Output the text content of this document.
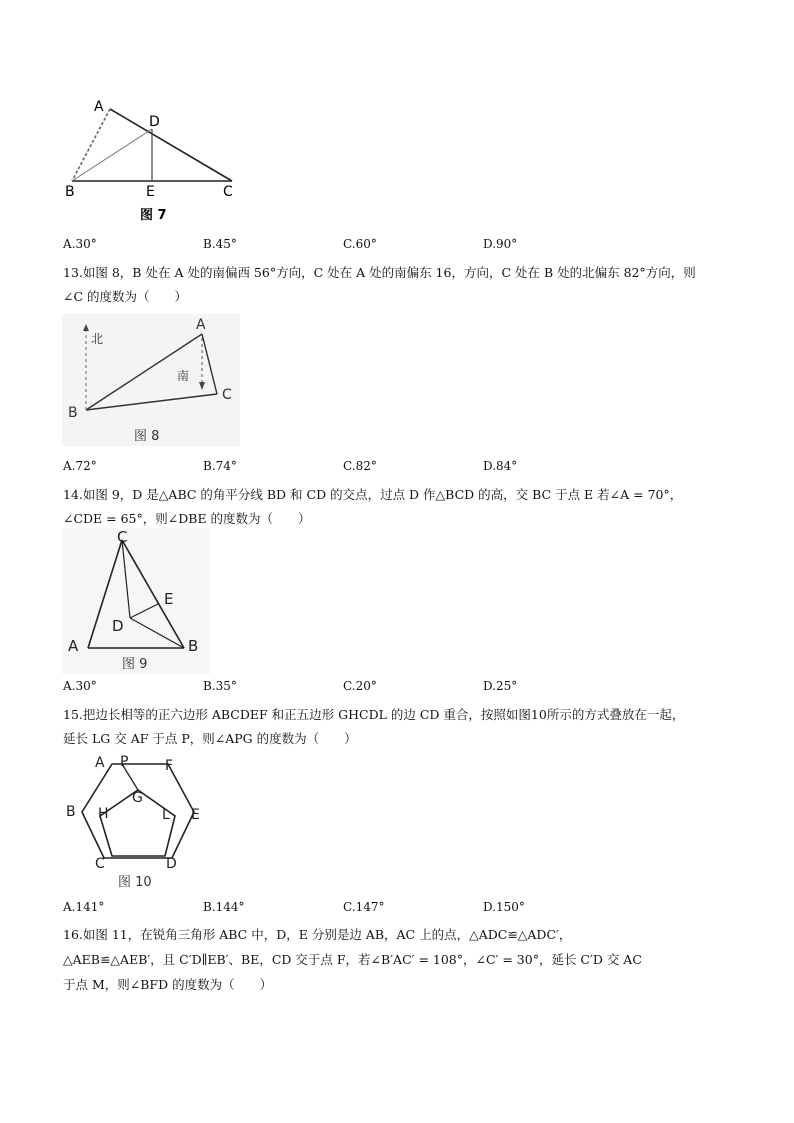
A
D
B	E	C
图 7
A.30°	B.45°	C.60°	D.90°
13.如图 8，B 处在 A 处的南偏西 56°方向，C 处在 A 处的南偏东 16，方向，C 处在 B 处的北偏东 82°方向，则
∠C 的度数为（　　）
北
南
A
B
C
图 8
A.72°	B.74°	C.82°	D.84°
14.如图 9，D 是△ABC 的角平分线 BD 和 CD 的交点，过点 D 作△BCD 的高，交 BC 于点 E 若∠A = 70°，
∠CDE = 65°，则∠DBE 的度数为（　　）
C
E
D
A	B
图 9
A.30°	B.35°	C.20°	D.25°
15.把边长相等的正六边形 ABCDEF 和正五边形 GHCDL 的边 CD 重合，按照如图10所示的方式叠放在一起，
延长 LG 交 AF 于点 P，则∠APG 的度数为（　　）
A P	F
G
B H	L E
C	D
图 10
A.141°	B.144°	C.147°	D.150°
16.如图 11，在锐角三角形 ABC 中，D，E 分别是边 AB，AC 上的点，△ADC≌△ADC′，
△AEB≌△AEB′，且 C′D∥EB′、BE，CD 交于点 F，若∠B′AC′ = 108°，∠C′ = 30°，延长 C′D 交 AC
于点 M，则∠BFD 的度数为（　　）
